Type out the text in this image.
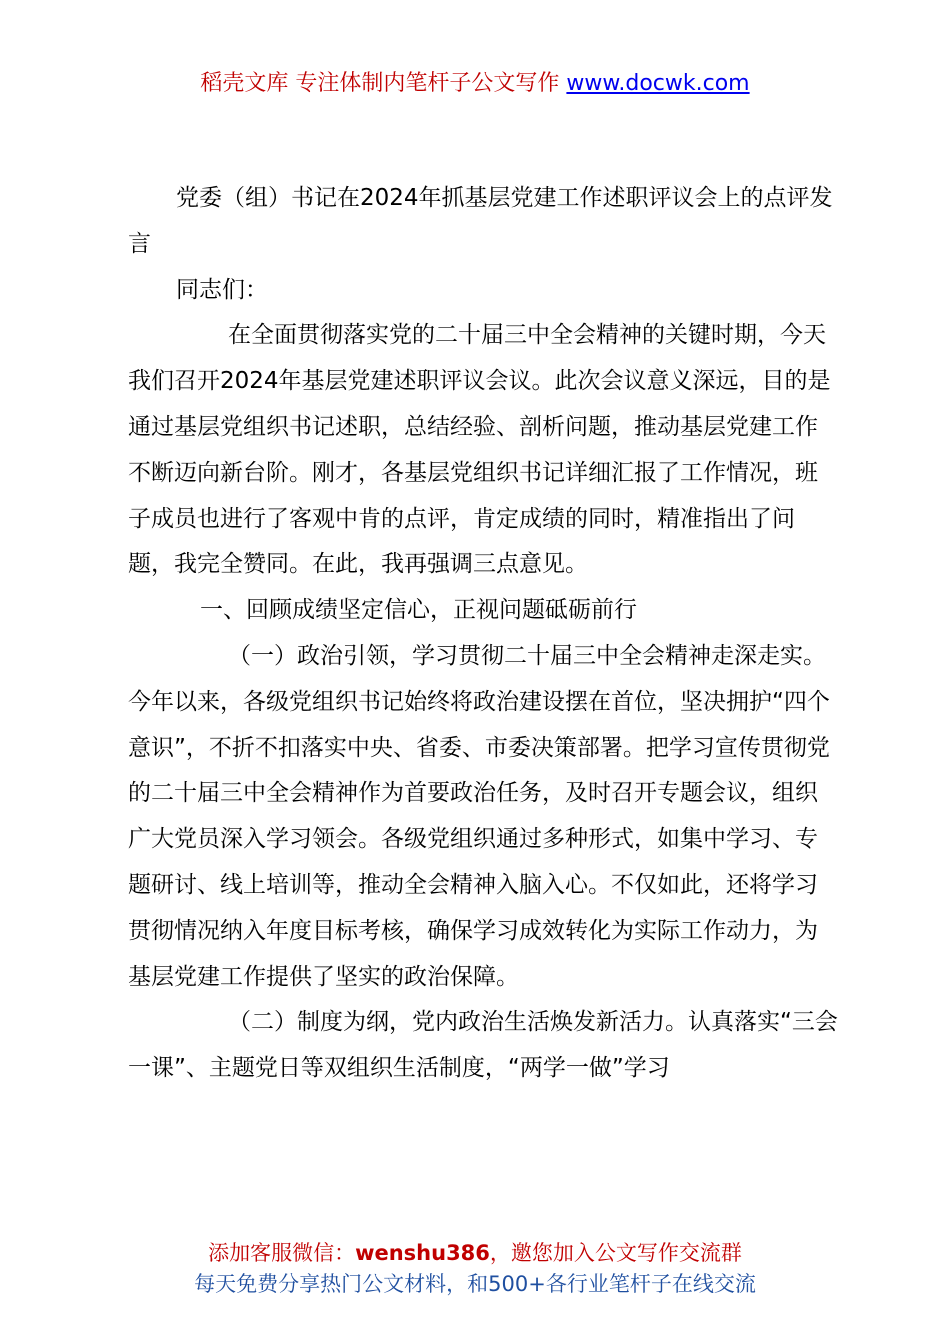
稻壳文库 专注体制内笔杆子公文写作 www.docwk.com

党委（组）书记在2024年抓基层党建工作述职评议会上的点评发言

同志们：

在全面贯彻落实党的二十届三中全会精神的关键时期，今天我们召开2024年基层党建述职评议会议。此次会议意义深远，目的是通过基层党组织书记述职，总结经验、剖析问题，推动基层党建工作不断迈向新台阶。刚才，各基层党组织书记详细汇报了工作情况，班子成员也进行了客观中肯的点评，肯定成绩的同时，精准指出了问题，我完全赞同。在此，我再强调三点意见。

一、回顾成绩坚定信心，正视问题砥砺前行

（一）政治引领，学习贯彻二十届三中全会精神走深走实。今年以来，各级党组织书记始终将政治建设摆在首位，坚决拥护“四个意识”，不折不扣落实中央、省委、市委决策部署。把学习宣传贯彻党的二十届三中全会精神作为首要政治任务，及时召开专题会议，组织广大党员深入学习领会。各级党组织通过多种形式，如集中学习、专题研讨、线上培训等，推动全会精神入脑入心。不仅如此，还将学习贯彻情况纳入年度目标考核，确保学习成效转化为实际工作动力，为基层党建工作提供了坚实的政治保障。

（二）制度为纲，党内政治生活焕发新活力。认真落实“三会一课”、主题党日等双组织生活制度，“两学一做”学习

添加客服微信：wenshu386，邀您加入公文写作交流群
每天免费分享热门公文材料，和500+各行业笔杆子在线交流
